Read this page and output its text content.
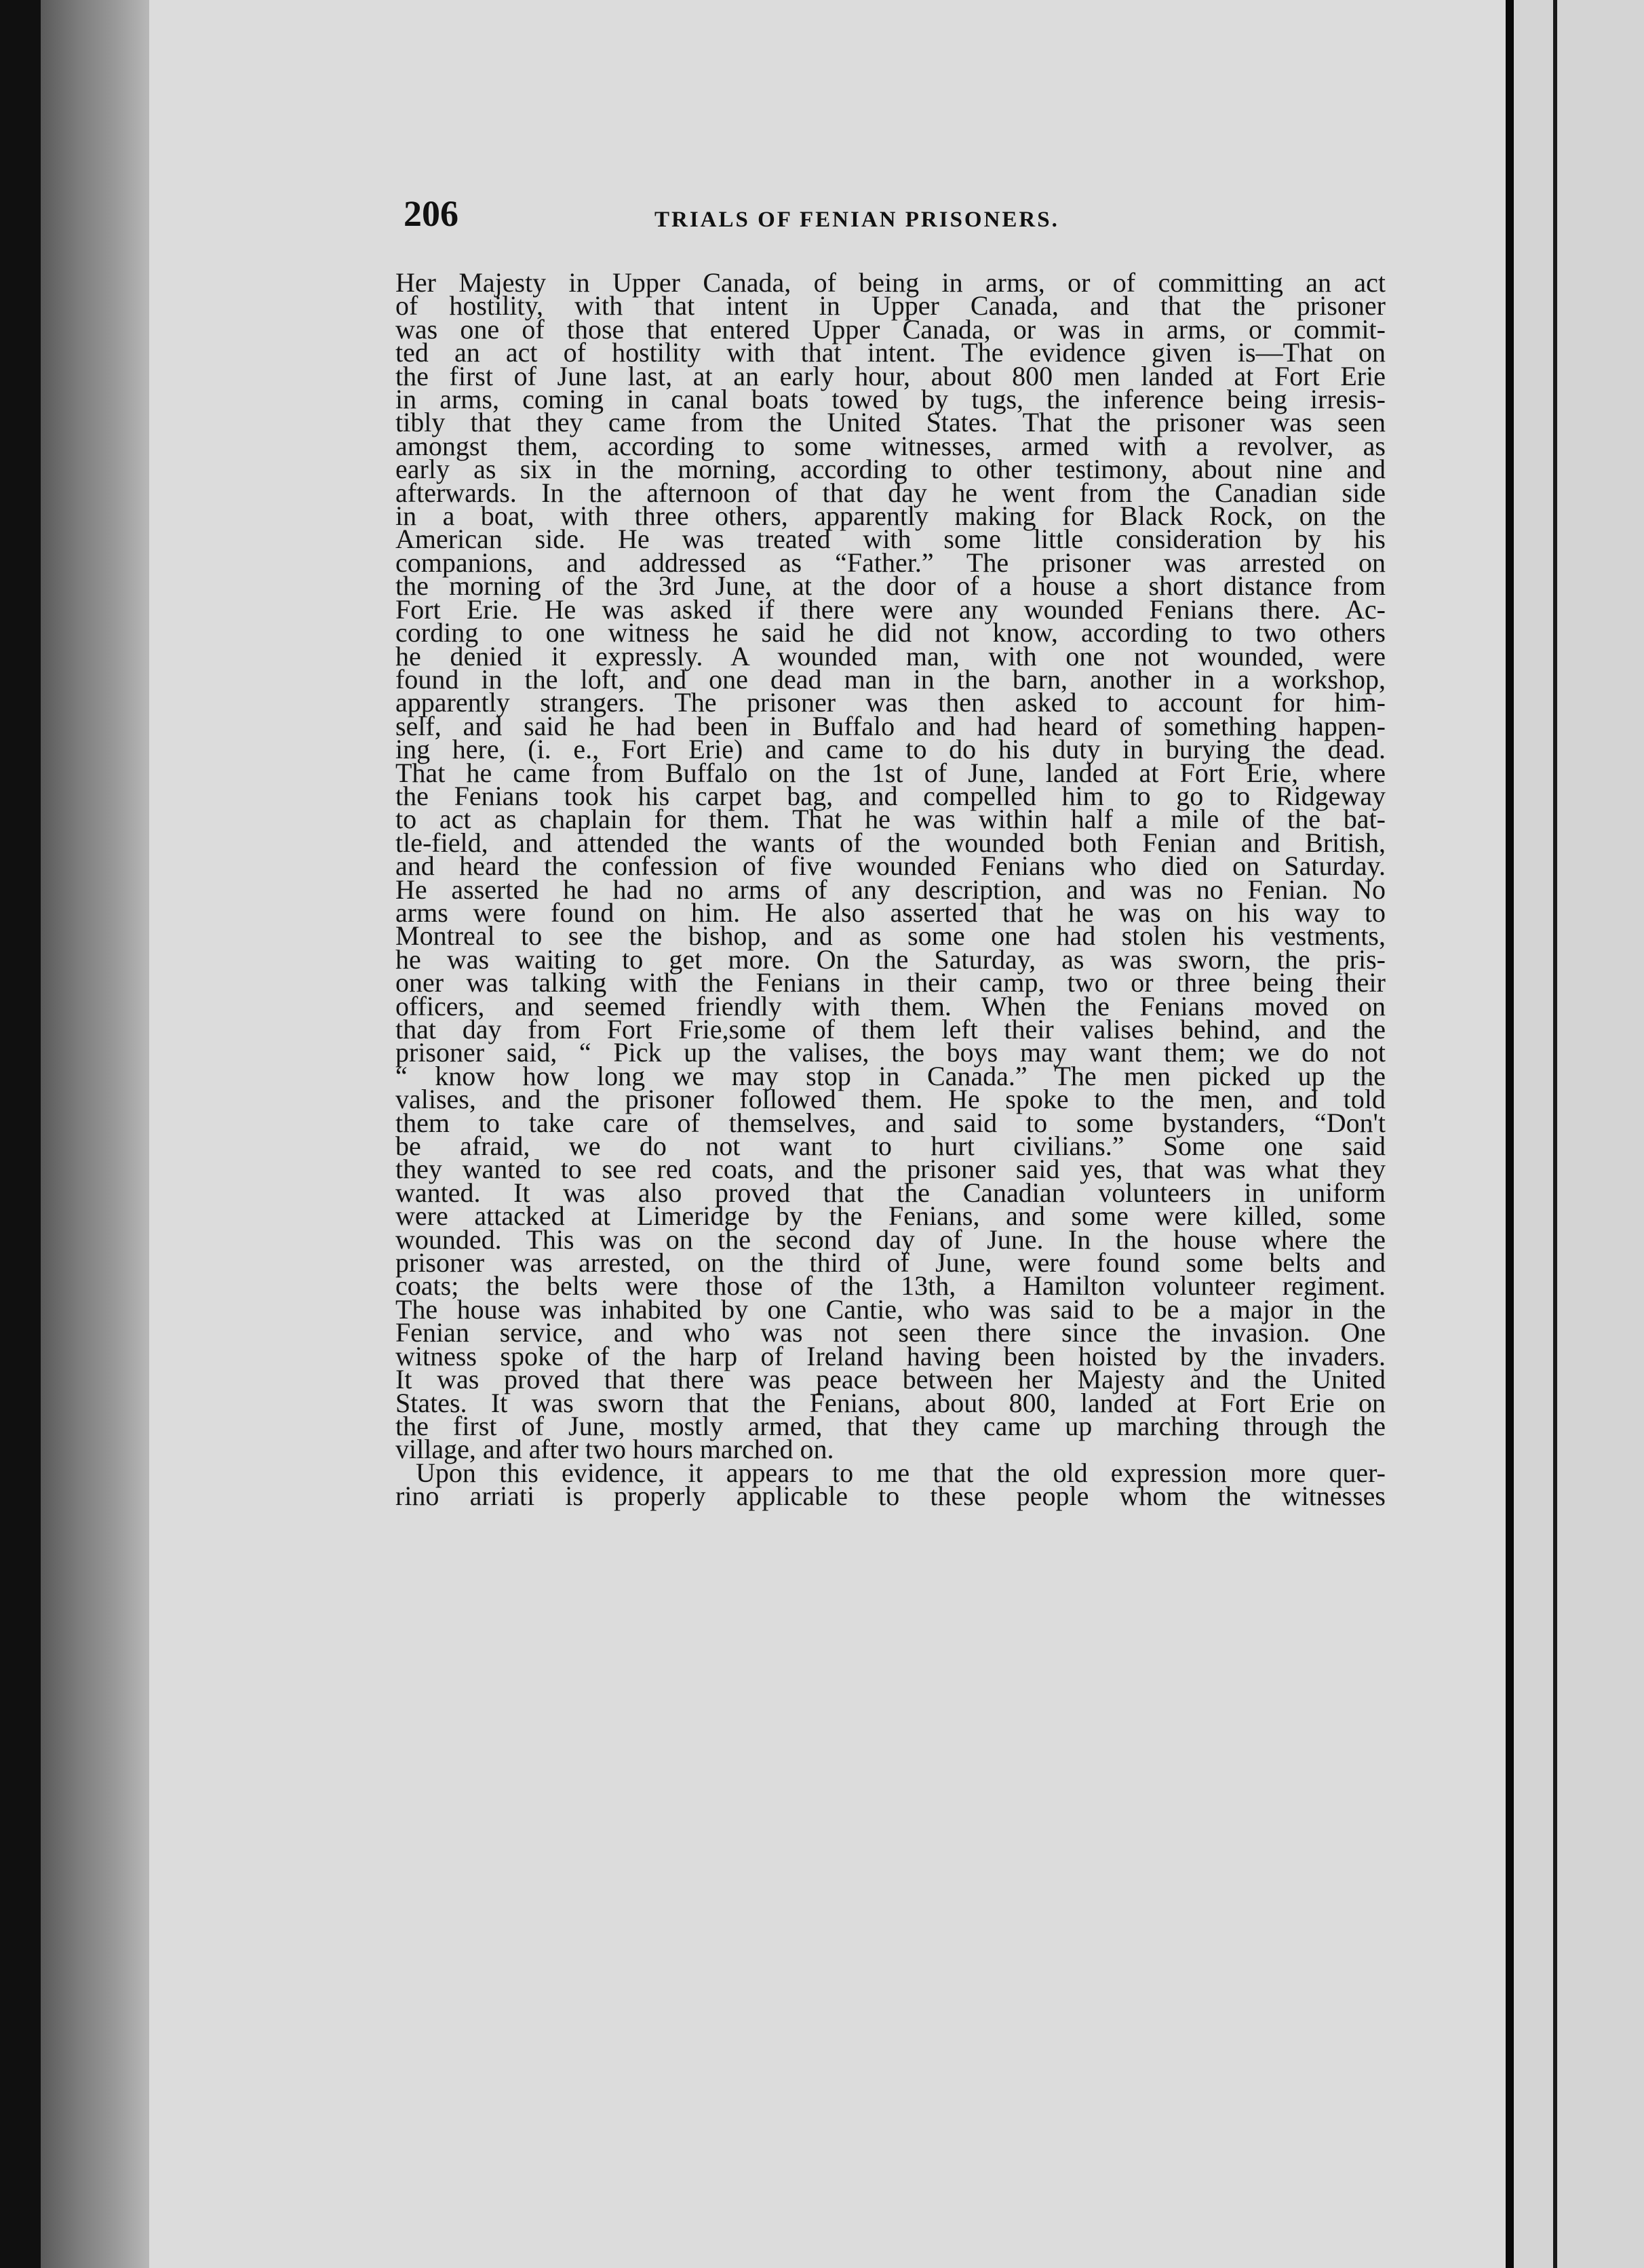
206	TRIALS OF FENIAN PRISONERS.
Her Majesty in Upper Canada, of being in arms, or of committing an act
of hostility, with that intent in Upper Canada, and that the prisoner
was one of those that entered Upper Canada, or was in arms, or commit-
ted an act of hostility with that intent. The evidence given is—That on
the first of June last, at an early hour, about 800 men landed at Fort Erie
in arms, coming in canal boats towed by tugs, the inference being irresis-
tibly that they came from the United States. That the prisoner was seen
amongst them, according to some witnesses, armed with a revolver, as
early as six in the morning, according to other testimony, about nine and
afterwards. In the afternoon of that day he went from the Canadian side
in a boat, with three others, apparently making for Black Rock, on the
American side. He was treated with some little consideration by his
companions, and addressed as “Father.” The prisoner was arrested on
the morning of the 3rd June, at the door of a house a short distance from
Fort Erie. He was asked if there were any wounded Fenians there. Ac-
cording to one witness he said he did not know, according to two others
he denied it expressly. A wounded man, with one not wounded, were
found in the loft, and one dead man in the barn, another in a workshop,
apparently strangers. The prisoner was then asked to account for him-
self, and said he had been in Buffalo and had heard of something happen-
ing here, (i. e., Fort Erie) and came to do his duty in burying the dead.
That he came from Buffalo on the 1st of June, landed at Fort Erie, where
the Fenians took his carpet bag, and compelled him to go to Ridgeway
to act as chaplain for them. That he was within half a mile of the bat-
tle-field, and attended the wants of the wounded both Fenian and British,
and heard the confession of five wounded Fenians who died on Saturday.
He asserted he had no arms of any description, and was no Fenian. No
arms were found on him. He also asserted that he was on his way to
Montreal to see the bishop, and as some one had stolen his vestments,
he was waiting to get more. On the Saturday, as was sworn, the pris-
oner was talking with the Fenians in their camp, two or three being their
officers, and seemed friendly with them. When the Fenians moved on
that day from Fort Frie,some of them left their valises behind, and the
prisoner said, “ Pick up the valises, the boys may want them; we do not
“ know how long we may stop in Canada.” The men picked up the
valises, and the prisoner followed them. He spoke to the men, and told
them to take care of themselves, and said to some bystanders, “Don't
be afraid, we do not want to hurt civilians.” Some one said
they wanted to see red coats, and the prisoner said yes, that was what they
wanted. It was also proved that the Canadian volunteers in uniform
were attacked at Limeridge by the Fenians, and some were killed, some
wounded. This was on the second day of June. In the house where the
prisoner was arrested, on the third of June, were found some belts and
coats; the belts were those of the 13th, a Hamilton volunteer regiment.
The house was inhabited by one Cantie, who was said to be a major in the
Fenian service, and who was not seen there since the invasion. One
witness spoke of the harp of Ireland having been hoisted by the invaders.
It was proved that there was peace between her Majesty and the United
States. It was sworn that the Fenians, about 800, landed at Fort Erie on
the first of June, mostly armed, that they came up marching through the
village, and after two hours marched on.
Upon this evidence, it appears to me that the old expression more quer-
rino arriati is properly applicable to these people whom the witnesses
